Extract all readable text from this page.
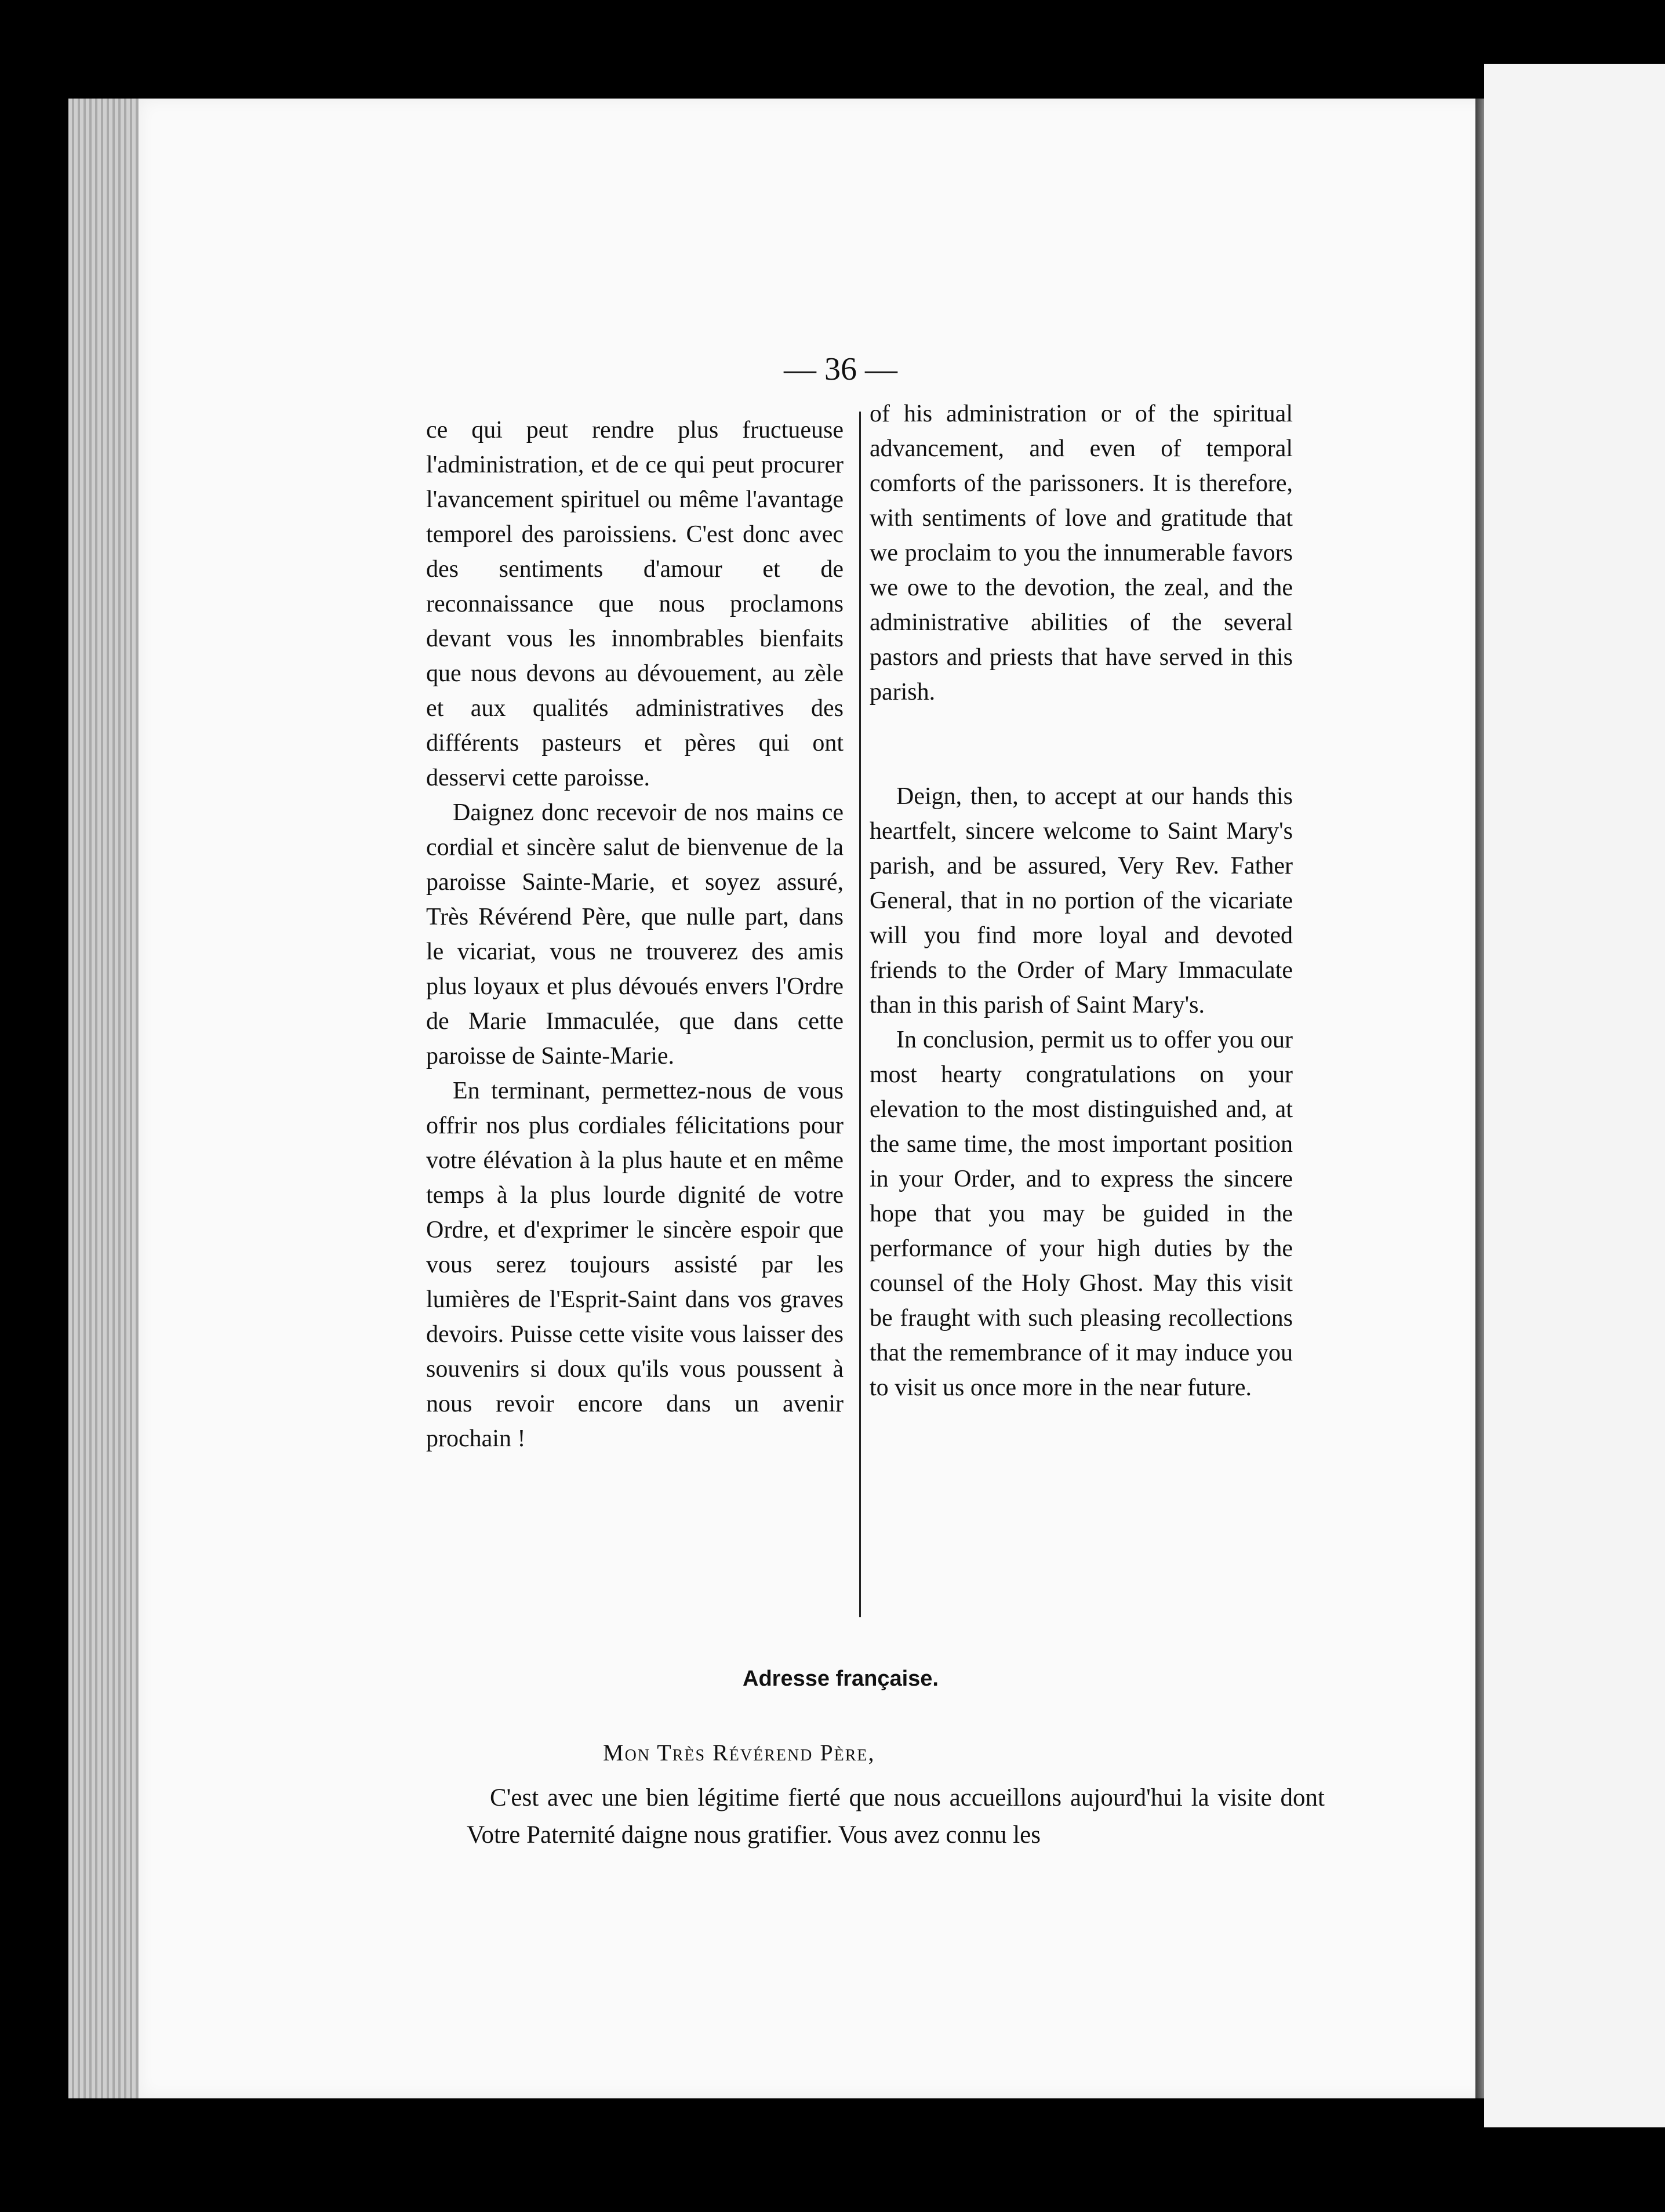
— 36 —

ce qui peut rendre plus fructueuse l'administration, et de ce qui peut procurer l'avancement spirituel ou même l'avantage temporel des paroissiens. C'est donc avec des sentiments d'amour et de reconnaissance que nous proclamons devant vous les innombrables bienfaits que nous devons au dévouement, au zèle et aux qualités administratives des différents pasteurs et pères qui ont desservi cette paroisse.

Daignez donc recevoir de nos mains ce cordial et sincère salut de bienvenue de la paroisse Sainte-Marie, et soyez assuré, Très Révérend Père, que nulle part, dans le vicariat, vous ne trouverez des amis plus loyaux et plus dévoués envers l'Ordre de Marie Immaculée, que dans cette paroisse de Sainte-Marie.

En terminant, permettez-nous de vous offrir nos plus cordiales félicitations pour votre élévation à la plus haute et en même temps à la plus lourde dignité de votre Ordre, et d'exprimer le sincère espoir que vous serez toujours assisté par les lumières de l'Esprit-Saint dans vos graves devoirs. Puisse cette visite vous laisser des souvenirs si doux qu'ils vous poussent à nous revoir encore dans un avenir prochain !

of his administration or of the spiritual advancement, and even of temporal comforts of the parissoners. It is therefore, with sentiments of love and gratitude that we proclaim to you the innumerable favors we owe to the devotion, the zeal, and the administrative abilities of the several pastors and priests that have served in this parish.

Deign, then, to accept at our hands this heartfelt, sincere welcome to Saint Mary's parish, and be assured, Very Rev. Father General, that in no portion of the vicariate will you find more loyal and devoted friends to the Order of Mary Immaculate than in this parish of Saint Mary's.

In conclusion, permit us to offer you our most hearty congratulations on your elevation to the most distinguished and, at the same time, the most important position in your Order, and to express the sincere hope that you may be guided in the performance of your high duties by the counsel of the Holy Ghost. May this visit be fraught with such pleasing recollections that the remembrance of it may induce you to visit us once more in the near future.

Adresse française.
Mon Très Révérend Père,

C'est avec une bien légitime fierté que nous accueillons aujourd'hui la visite dont Votre Paternité daigne nous gratifier. Vous avez connu les
